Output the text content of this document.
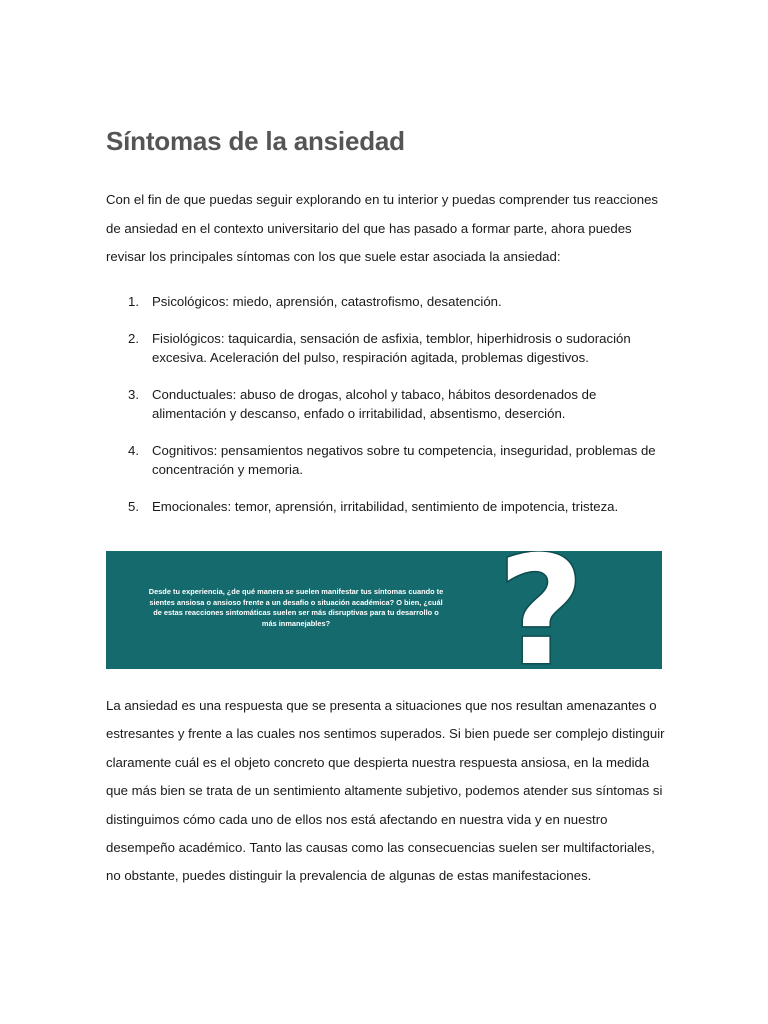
Síntomas de la ansiedad

Con el fin de que puedas seguir explorando en tu interior y puedas comprender tus reacciones de ansiedad en el contexto universitario del que has pasado a formar parte, ahora puedes revisar los principales síntomas con los que suele estar asociada la ansiedad:

1. Psicológicos: miedo, aprensión, catastrofismo, desatención.
2. Fisiológicos: taquicardia, sensación de asfixia, temblor, hiperhidrosis o sudoración excesiva. Aceleración del pulso, respiración agitada, problemas digestivos.
3. Conductuales: abuso de drogas, alcohol y tabaco, hábitos desordenados de alimentación y descanso, enfado o irritabilidad, absentismo, deserción.
4. Cognitivos: pensamientos negativos sobre tu competencia, inseguridad, problemas de concentración y memoria.
5. Emocionales: temor, aprensión, irritabilidad, sentimiento de impotencia, tristeza.

Desde tu experiencia, ¿de qué manera se suelen manifestar tus síntomas cuando te sientes ansiosa o ansioso frente a un desafío o situación académica? O bien, ¿cuál de estas reacciones sintomáticas suelen ser más disruptivas para tu desarrollo o más inmanejables?	?

La ansiedad es una respuesta que se presenta a situaciones que nos resultan amenazantes o estresantes y frente a las cuales nos sentimos superados. Si bien puede ser complejo distinguir claramente cuál es el objeto concreto que despierta nuestra respuesta ansiosa, en la medida que más bien se trata de un sentimiento altamente subjetivo, podemos atender sus síntomas si distinguimos cómo cada uno de ellos nos está afectando en nuestra vida y en nuestro desempeño académico. Tanto las causas como las consecuencias suelen ser multifactoriales, no obstante, puedes distinguir la prevalencia de algunas de estas manifestaciones.
